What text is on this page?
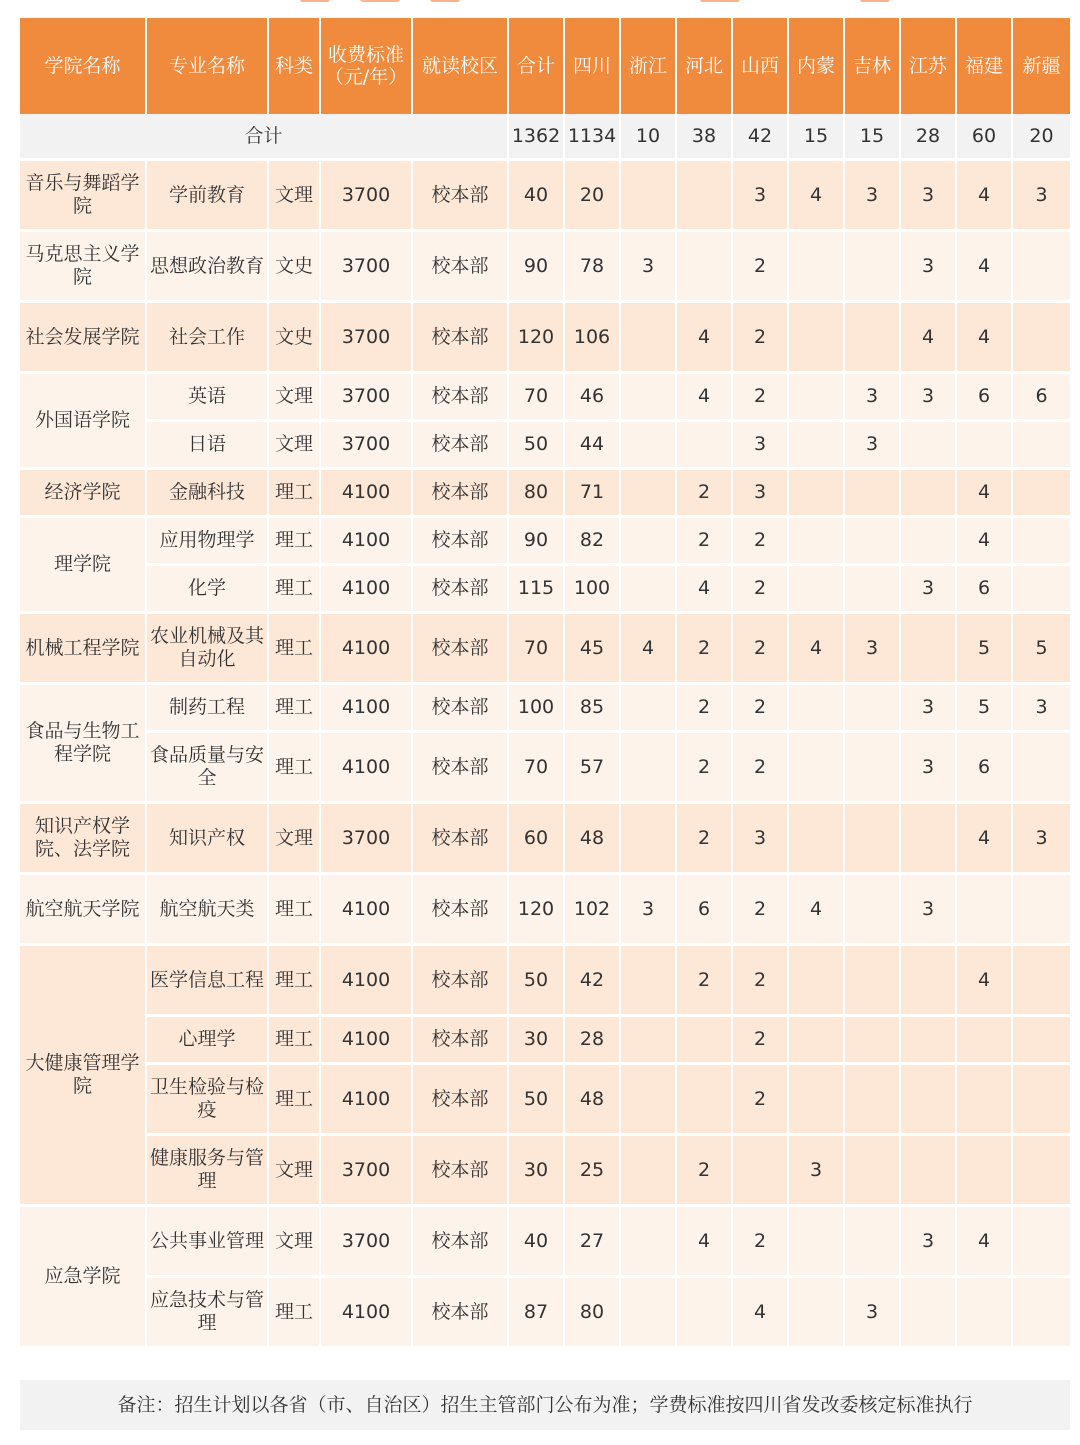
学院名称	专业名称	科类	收费标准（元/年）	就读校区	合计	四川	浙江	河北	山西	内蒙	吉林	江苏	福建	新疆
合计					1362	1134	10	38	42	15	15	28	60	20
音乐与舞蹈学院	学前教育	文理	3700	校本部	40	20			3	4	3	3	4	3
马克思主义学院	思想政治教育	文史	3700	校本部	90	78	3		2			3	4	
社会发展学院	社会工作	文史	3700	校本部	120	106		4	2			4	4	
外国语学院	英语	文理	3700	校本部	70	46		4	2		3	3	6	6
	日语	文理	3700	校本部	50	44			3		3			
经济学院	金融科技	理工	4100	校本部	80	71		2	3				4	
理学院	应用物理学	理工	4100	校本部	90	82		2	2				4	
	化学	理工	4100	校本部	115	100		4	2			3	6	
机械工程学院	农业机械及其自动化	理工	4100	校本部	70	45	4	2	2	4	3		5	5
食品与生物工程学院	制药工程	理工	4100	校本部	100	85		2	2			3	5	3
	食品质量与安全	理工	4100	校本部	70	57		2	2			3	6	
知识产权学院、法学院	知识产权	文理	3700	校本部	60	48		2	3				4	3
航空航天学院	航空航天类	理工	4100	校本部	120	102	3	6	2	4		3		
大健康管理学院	医学信息工程	理工	4100	校本部	50	42		2	2				4	
	心理学	理工	4100	校本部	30	28			2					
	卫生检验与检疫	理工	4100	校本部	50	48			2					
	健康服务与管理	文理	3700	校本部	30	25		2		3				
应急学院	公共事业管理	文理	3700	校本部	40	27		4	2			3	4	
	应急技术与管理	理工	4100	校本部	87	80			4		3			
备注：招生计划以各省（市、自治区）招生主管部门公布为准；学费标准按四川省发改委核定标准执行
